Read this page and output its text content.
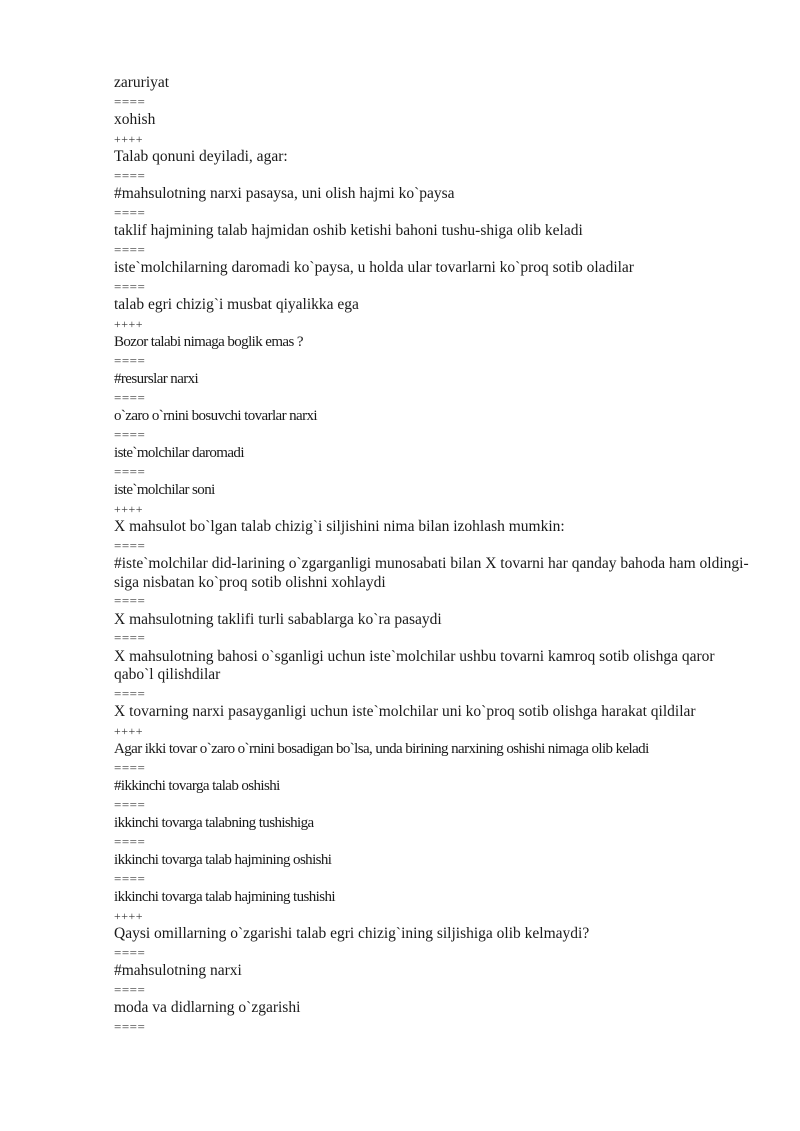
zaruriyat
====
xohish
++++
Talab qonuni deyiladi, agar:
====
#mahsulotning narxi pasaysa, uni olish hajmi ko`paysa
====
taklif hajmining talab hajmidan oshib ketishi bahoni tushu-shiga olib keladi
====
iste`molchilarning daromadi ko`paysa, u holda ular tovarlarni ko`proq sotib oladilar
====
talab egri chizig`i musbat qiyalikka ega
++++
Bozor talabi nimaga boglik emas ?
====
#resurslar narxi
====
o`zaro o`rnini bosuvchi tovarlar narxi
====
iste`molchilar daromadi
====
iste`molchilar soni
++++
X mahsulot bo`lgan talab chizig`i siljishini nima bilan izohlash mumkin:
====
#iste`molchilar did-larining o`zgarganligi munosabati bilan X tovarni har qanday bahoda ham oldingi-siga nisbatan ko`proq sotib olishni xohlaydi
====
X mahsulotning taklifi turli sabablarga ko`ra pasaydi
====
X mahsulotning bahosi o`sganligi uchun iste`molchilar ushbu tovarni kamroq sotib olishga qaror qabo`l qilishdilar
====
X tovarning narxi pasayganligi uchun iste`molchilar uni ko`proq sotib olishga harakat qildilar
++++
Agar ikki tovar o`zaro o`rnini bosadigan bo`lsa, unda birining narxining oshishi nimaga olib keladi
====
#ikkinchi tovarga talab oshishi
====
ikkinchi tovarga talabning tushishiga
====
ikkinchi tovarga talab hajmining oshishi
====
ikkinchi tovarga talab hajmining tushishi
++++
Qaysi omillarning o`zgarishi talab egri chizig`ining siljishiga olib kelmaydi?
====
#mahsulotning narxi
====
moda va didlarning o`zgarishi
====
